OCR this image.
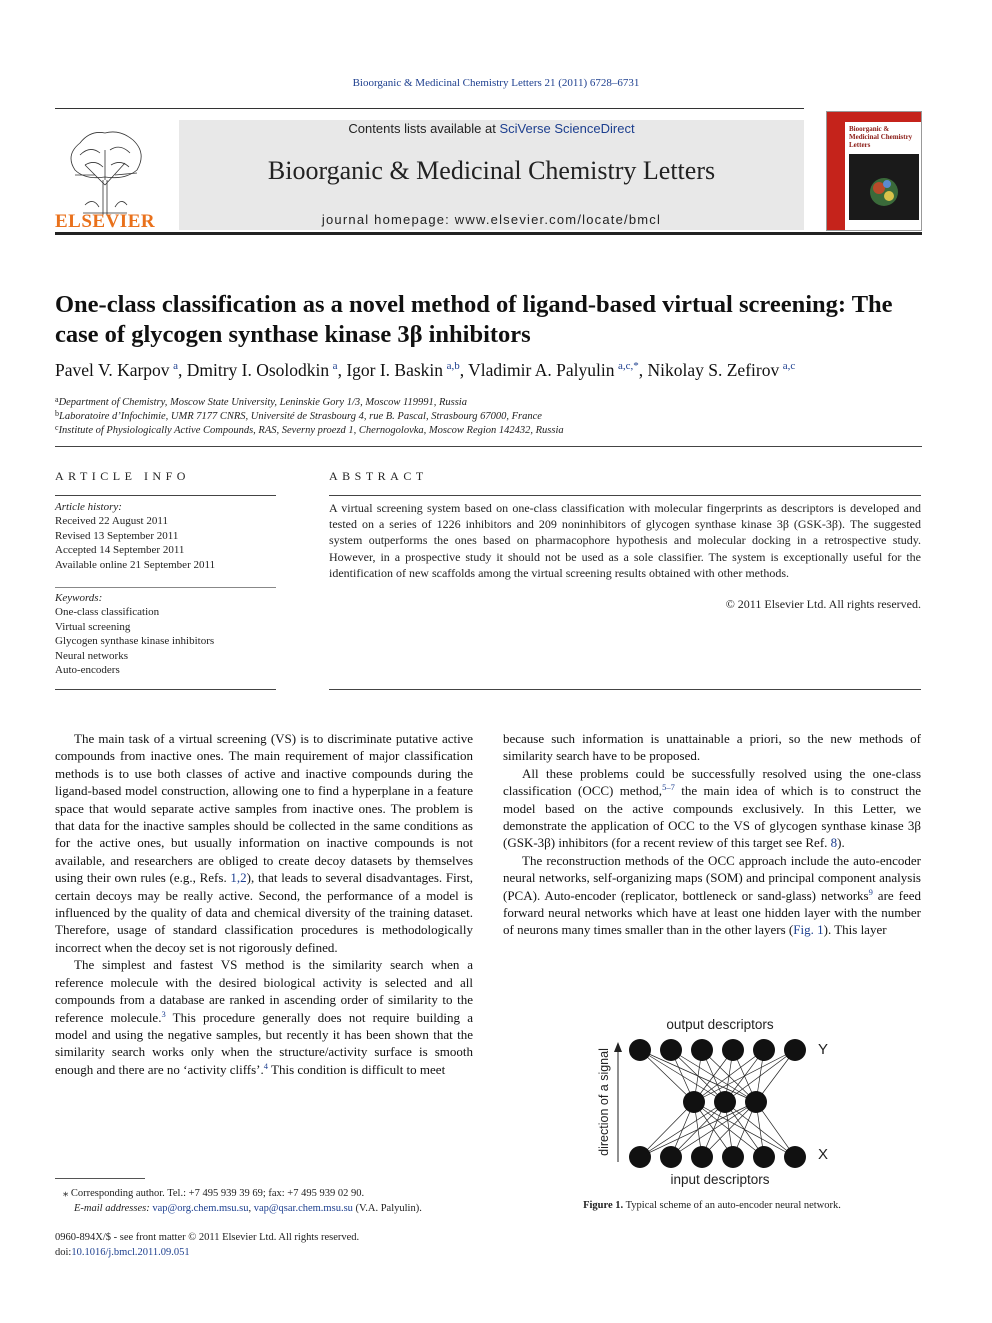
Bioorganic & Medicinal Chemistry Letters 21 (2011) 6728–6731
ELSEVIER
Contents lists available at SciVerse ScienceDirect
Bioorganic & Medicinal Chemistry Letters
journal homepage: www.elsevier.com/locate/bmcl
Bioorganic & Medicinal Chemistry Letters
One-class classification as a novel method of ligand-based virtual screening: The
case of glycogen synthase kinase 3β inhibitors
Pavel V. Karpov  $^a$, Dmitry I. Osolodkin  $^a$, Igor I. Baskin  $^{a,b}$, Vladimir A. Palyulin  $^{a,c,*}$, Nikolay S. Zefirov  $^{a,c}$
$^a$Department of Chemistry, Moscow State University, Leninskie Gory 1/3, Moscow 119991, Russia
$^b$Laboratoire d’Infochimie, UMR 7177 CNRS, Université de Strasbourg 4, rue B. Pascal, Strasbourg 67000, France
$^c$Institute of Physiologically Active Compounds, RAS, Severny proezd 1, Chernogolovka, Moscow Region 142432, Russia
ARTICLE INFO
Article history:
Received 22 August 2011
Revised 13 September 2011
Accepted 14 September 2011
Available online 21 September 2011
Keywords:
One-class classification
Virtual screening
Glycogen synthase kinase inhibitors
Neural networks
Auto-encoders
ABSTRACT
A virtual screening system based on one-class classification with molecular fingerprints as descriptors is developed and tested on a series of 1226 inhibitors and 209 noninhibitors of glycogen synthase kinase 3β (GSK-3β). The suggested system outperforms the ones based on pharmacophore hypothesis and molecular docking in a retrospective study. However, in a prospective study it should not be used as a sole classifier. The system is exceptionally useful for the identification of new scaffolds among the virtual screening results obtained with other methods.
© 2011 Elsevier Ltd. All rights reserved.

The main task of a virtual screening (VS) is to discriminate putative active compounds from inactive ones. The main requirement of major classification methods is to use both classes of active and inactive compounds during the ligand-based model construction, allowing one to find a hyperplane in a feature space that would separate active samples from inactive ones. The problem is that data for the inactive samples should be collected in the same conditions as for the active ones, but usually information on inactive compounds is not available, and researchers are obliged to create decoy datasets by themselves using their own rules (e.g., Refs. 1,2), that leads to several disadvantages. First, certain decoys may be really active. Second, the performance of a model is influenced by the quality of data and chemical diversity of the training dataset. Therefore, usage of standard classification procedures is methodologically incorrect when the decoy set is not rigorously defined.

The simplest and fastest VS method is the similarity search when a reference molecule with the desired biological activity is selected and all compounds from a database are ranked in ascending order of similarity to the reference molecule.$^3$ This procedure generally does not require building a model and using the negative samples, but recently it has been shown that the similarity search works only when the structure/activity surface is smooth enough and there are no ‘activity cliffs’.$^4$ This condition is difficult to meet

because such information is unattainable a priori, so the new methods of similarity search have to be proposed.

All these problems could be successfully resolved using the one-class classification (OCC) method,$^{5-7}$ the main idea of which is to construct the model based on the active compounds exclusively. In this Letter, we demonstrate the application of OCC to the VS of glycogen synthase kinase 3β (GSK-3β) inhibitors (for a recent review of this target see Ref. 8).

The reconstruction methods of the OCC approach include the auto-encoder neural networks, self-organizing maps (SOM) and principal component analysis (PCA). Auto-encoder (replicator, bottleneck or sand-glass) networks$^9$ are feed forward neural networks which have at least one hidden layer with the number of neurons many times smaller than in the other layers (Fig. 1). This layer

output descriptors
input descriptors
Y
X
direction of a signal
Figure 1. Typical scheme of an auto-encoder neural network.
⁎ Corresponding author. Tel.: +7 495 939 39 69; fax: +7 495 939 02 90.
E-mail addresses: vap@org.chem.msu.su, vap@qsar.chem.msu.su (V.A. Palyulin).
0960-894X/$ - see front matter © 2011 Elsevier Ltd. All rights reserved.
doi:10.1016/j.bmcl.2011.09.051
